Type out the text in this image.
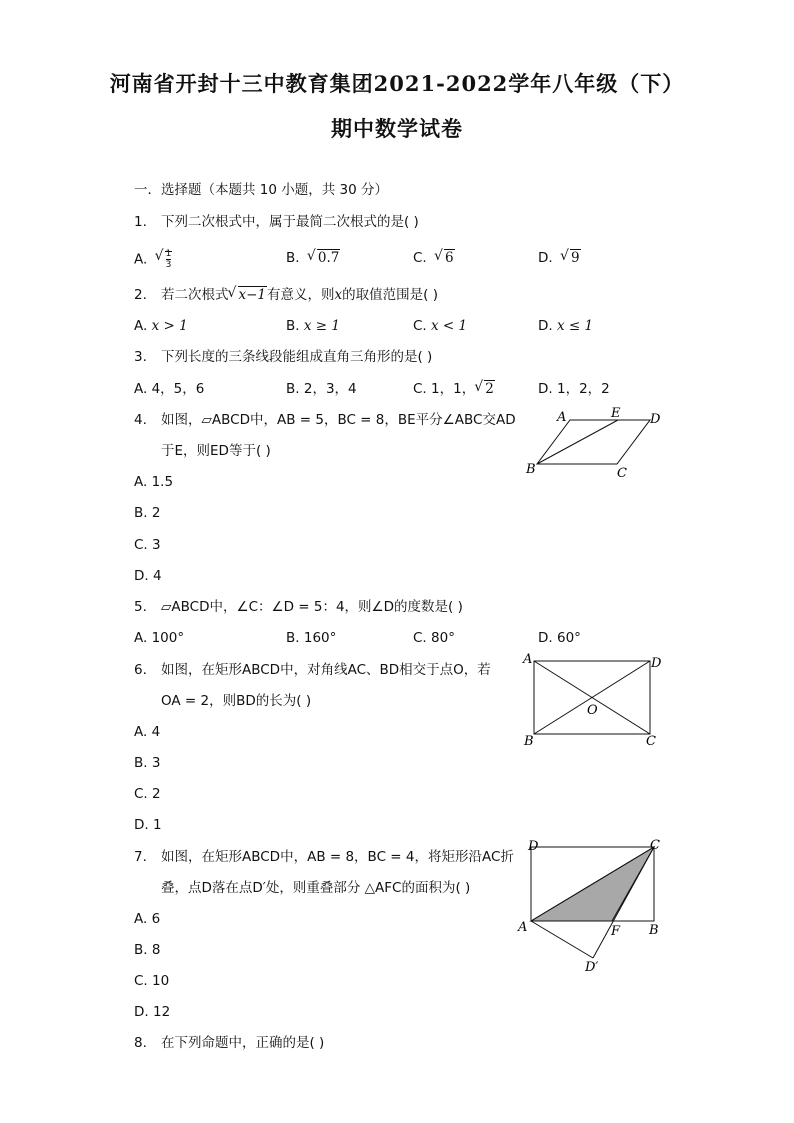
河南省开封十三中教育集团2021-2022学年八年级（下）
期中数学试卷
一．选择题（本题共 10 小题，共 30 分）
1. 下列二次根式中，属于最简二次根式的是( )
A. √ $\frac{1}{3}$	B. √ 0.7	C. √ 6	D. √ 9
2. 若二次根式 √ x−1有意义，则x的取值范围是( )
A. x > 1	B. x ≥ 1	C. x < 1	D. x ≤ 1
3. 下列长度的三条线段能组成直角三角形的是( )
A. 4，5，6	B. 2，3，4	C. 1，1， √ 2	D. 1，2，2
4. 如图，▱ABCD中，AB = 5，BC = 8，BE平分∠ABC交AD
于E，则ED等于( )
A. 1.5
B. 2
C. 3
D. 4
A	E D
B	C
5. ▱ABCD中，∠C：∠D = 5：4，则∠D的度数是( )
A. 100°	B. 160°	C. 80°	D. 60°
6. 如图，在矩形ABCD中，对角线AC、BD相交于点O，若
OA = 2，则BD的长为( )
A. 4
B. 3
C. 2
D. 1
A	D
O
B	C
7. 如图，在矩形ABCD中，AB = 8，BC = 4，将矩形沿AC折
叠，点D落在点D′处，则重叠部分 △AFC的面积为( )
A. 6
B. 8
C. 10
D. 12
D	C
A	F B
D′
8. 在下列命题中，正确的是( )
